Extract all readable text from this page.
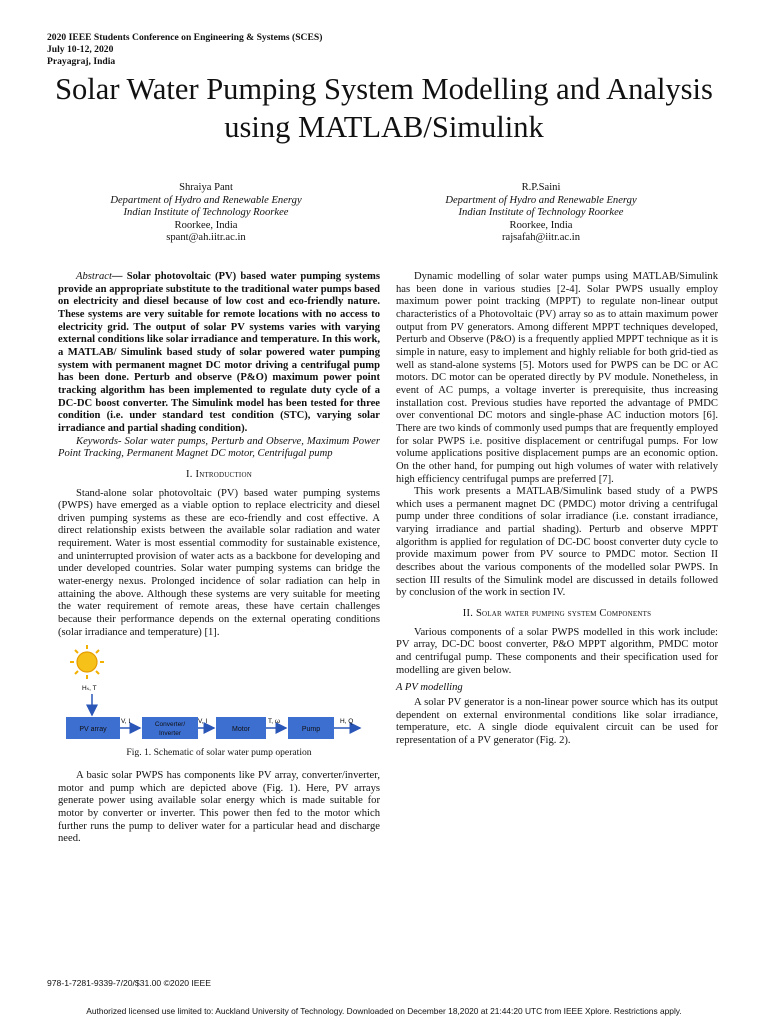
2020 IEEE Students Conference on Engineering & Systems (SCES)
July 10-12, 2020
Prayagraj, India
Solar Water Pumping System Modelling and Analysis using MATLAB/Simulink
Shraiya Pant
Department of Hydro and Renewable Energy
Indian Institute of Technology Roorkee
Roorkee, India
spant@ah.iitr.ac.in
R.P.Saini
Department of Hydro and Renewable Energy
Indian Institute of Technology Roorkee
Roorkee, India
rajsafah@iitr.ac.in

Abstract— Solar photovoltaic (PV) based water pumping systems provide an appropriate substitute to the traditional water pumps based on electricity and diesel because of low cost and eco-friendly nature. These systems are very suitable for remote locations with no access to electricity grid. The output of solar PV systems varies with varying external conditions like solar irradiance and temperature. In this work, a MATLAB/ Simulink based study of solar powered water pumping system with permanent magnet DC motor driving a centrifugal pump has been done. Perturb and observe (P&O) maximum power point tracking algorithm has been implemented to regulate duty cycle of a DC-DC boost converter. The Simulink model has been tested for three condition (i.e. under standard test condition (STC), varying solar irradiance and partial shading condition).

Keywords- Solar water pumps, Perturb and Observe, Maximum Power Point Tracking, Permanent Magnet DC motor, Centrifugal pump

I. Introduction

Stand-alone solar photovoltaic (PV) based water pumping systems (PWPS) have emerged as a viable option to replace electricity and diesel driven pumping systems as these are eco-friendly and cost effective. A direct relationship exists between the available solar radiation and water requirement. Water is most essential commodity for sustainable existence, and uninterrupted provision of water acts as a backbone for developing and under developed countries. Solar water pumping systems can bridge the water-energy nexus. Prolonged incidence of solar radiation can help in attaining the above. Although these systems are very suitable for meeting the water requirement of remote areas, these have certain challenges because their performance depends on the external operating conditions (solar irradiance and temperature) [1].

Hₛ, T
PV array
V, I	Converter/
Inverter
V, I
Motor
T, ω
Pump
H, Q
Fig. 1. Schematic of solar water pump operation

A basic solar PWPS has components like PV array, converter/inverter, motor and pump which are depicted above (Fig. 1). Here, PV arrays generate power using available solar energy which is made suitable for motor by converter or inverter. This power then fed to the motor which further runs the pump to deliver water for a particular head and discharge need.

Dynamic modelling of solar water pumps using MATLAB/Simulink has been done in various studies [2-4]. Solar PWPS usually employ maximum power point tracking (MPPT) to regulate non-linear output characteristics of a Photovoltaic (PV) array so as to attain maximum power output from PV generators. Among different MPPT techniques developed, Perturb and Observe (P&O) is a frequently applied MPPT technique as it is simple in nature, easy to implement and highly reliable for both grid-tied as well as stand-alone systems [5]. Motors used for PWPS can be DC or AC motors. DC motor can be operated directly by PV module. Nonetheless, in event of AC pumps, a voltage inverter is prerequisite, thus increasing installation cost. Previous studies have reported the advantage of PMDC over conventional DC motors and single-phase AC induction motors [6]. There are two kinds of commonly used pumps that are frequently employed for solar PWPS i.e. positive displacement or centrifugal pumps. For low volume applications positive displacement pumps are an economic option. On the other hand, for pumping out high volumes of water with relatively high efficiency centrifugal pumps are preferred [7].

This work presents a MATLAB/Simulink based study of a PWPS which uses a permanent magnet DC (PMDC) motor driving a centrifugal pump under three conditions of solar irradiance (i.e. constant irradiance, varying irradiance and partial shading). Perturb and observe MPPT algorithm is applied for regulation of DC-DC boost converter duty cycle to provide maximum power from PV source to PMDC motor. Section II describes about the various components of the modelled solar PWPS. In section III results of the Simulink model are discussed in details followed by conclusion of the work in section IV.

II. Solar water pumping system Components

Various components of a solar PWPS modelled in this work include: PV array, DC-DC boost converter, P&O MPPT algorithm, PMDC motor and centrifugal pump. These components and their specification used for modelling are given below.

A PV modelling

A solar PV generator is a non-linear power source which has its output dependent on external environmental conditions like solar irradiance, temperature, etc. A single diode equivalent circuit can be used for representation of a PV generator (Fig. 2).

978-1-7281-9339-7/20/$31.00 ©2020 IEEE
Authorized licensed use limited to: Auckland University of Technology. Downloaded on December 18,2020 at 21:44:20 UTC from IEEE Xplore. Restrictions apply.
